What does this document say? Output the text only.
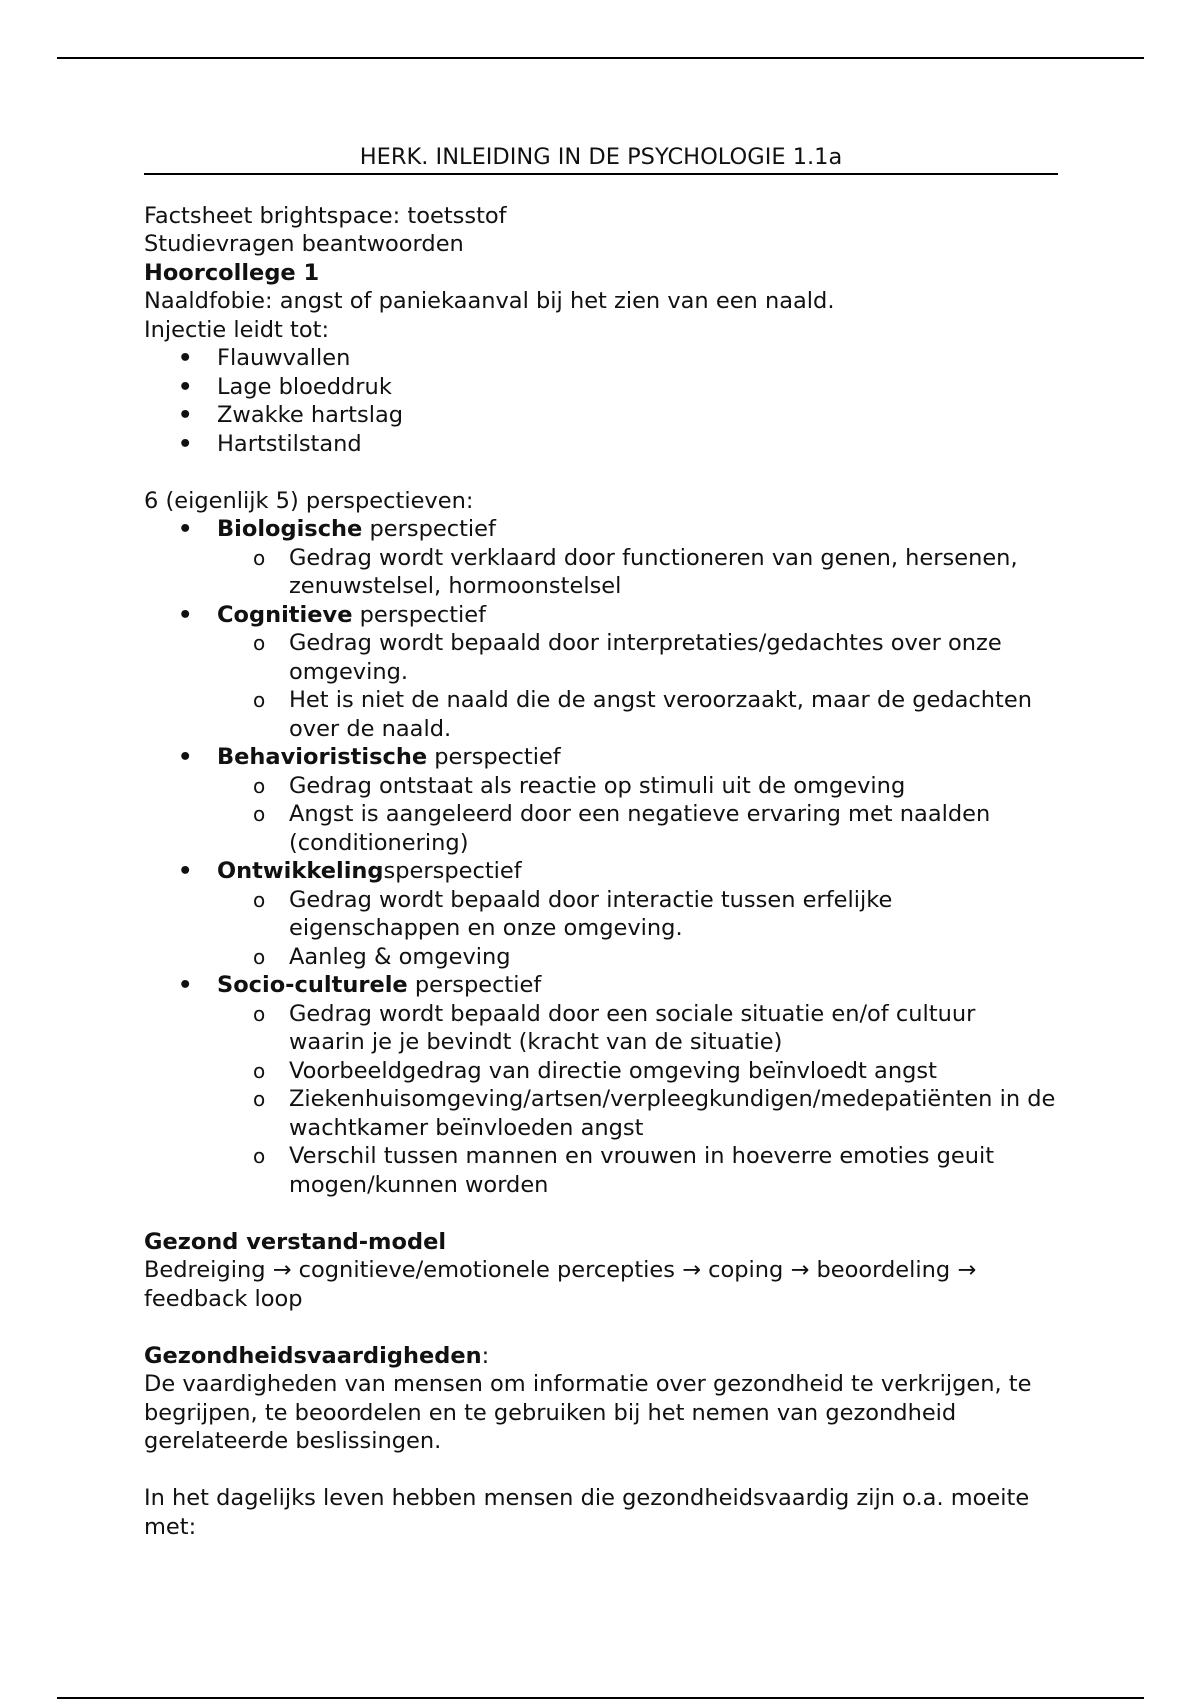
HERK. INLEIDING IN DE PSYCHOLOGIE 1.1a

Factsheet brightspace: toetsstof

Studievragen beantwoorden

Hoorcollege 1

Naaldfobie: angst of paniekaanval bij het zien van een naald.

Injectie leidt tot:

• Flauwvallen
• Lage bloeddruk
• Zwakke hartslag
• Hartstilstand

6 (eigenlijk 5) perspectieven:

• Biologische perspectief
o Gedrag wordt verklaard door functioneren van genen, hersenen, zenuwstelsel, hormoonstelsel
• Cognitieve perspectief
o Gedrag wordt bepaald door interpretaties/gedachtes over onze omgeving.
o Het is niet de naald die de angst veroorzaakt, maar de gedachten over de naald.
• Behavioristische perspectief
o Gedrag ontstaat als reactie op stimuli uit de omgeving
o Angst is aangeleerd door een negatieve ervaring met naalden (conditionering)
• Ontwikkelingsperspectief
o Gedrag wordt bepaald door interactie tussen erfelijke eigenschappen en onze omgeving.
o Aanleg & omgeving
• Socio-culturele perspectief
o Gedrag wordt bepaald door een sociale situatie en/of cultuur waarin je je bevindt (kracht van de situatie)
o Voorbeeldgedrag van directie omgeving beïnvloedt angst
o Ziekenhuisomgeving/artsen/verpleegkundigen/medepatiënten in de wachtkamer beïnvloeden angst
o Verschil tussen mannen en vrouwen in hoeverre emoties geuit mogen/kunnen worden

Gezond verstand-model

Bedreiging → cognitieve/emotionele percepties → coping → beoordeling → feedback loop

Gezondheidsvaardigheden:

De vaardigheden van mensen om informatie over gezondheid te verkrijgen, te begrijpen, te beoordelen en te gebruiken bij het nemen van gezondheid gerelateerde beslissingen.

In het dagelijks leven hebben mensen die gezondheidsvaardig zijn o.a. moeite met:
